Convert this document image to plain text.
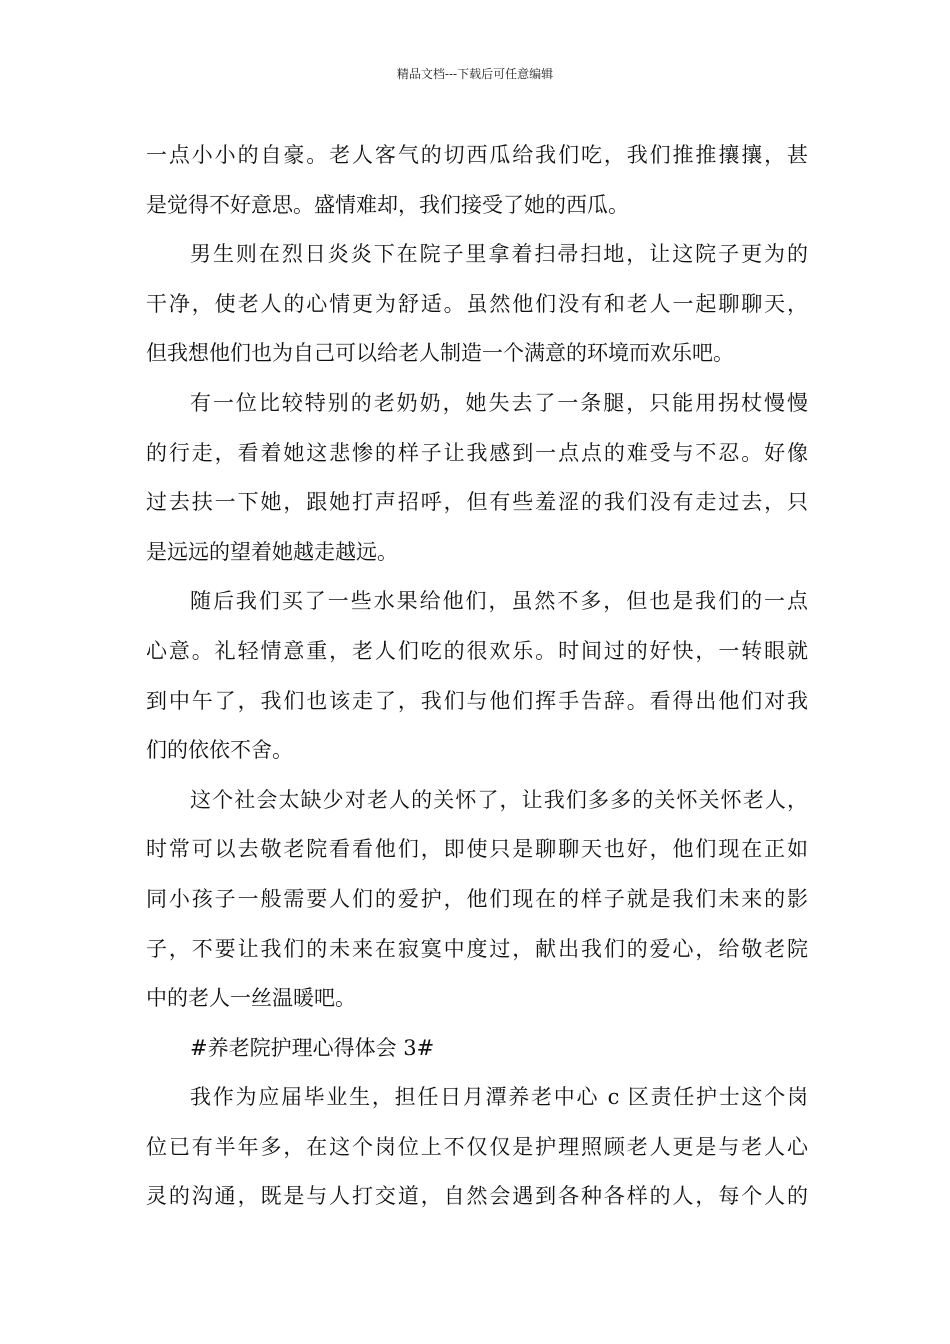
精品文档---下载后可任意编辑
一点小小的自豪。老人客气的切西瓜给我们吃，我们推推攘攘，甚
是觉得不好意思。盛情难却，我们接受了她的西瓜。
男生则在烈日炎炎下在院子里拿着扫帚扫地，让这院子更为的
干净，使老人的心情更为舒适。虽然他们没有和老人一起聊聊天，
但我想他们也为自己可以给老人制造一个满意的环境而欢乐吧。
有一位比较特别的老奶奶，她失去了一条腿，只能用拐杖慢慢
的行走，看着她这悲惨的样子让我感到一点点的难受与不忍。好像
过去扶一下她，跟她打声招呼，但有些羞涩的我们没有走过去，只
是远远的望着她越走越远。
随后我们买了一些水果给他们，虽然不多，但也是我们的一点
心意。礼轻情意重，老人们吃的很欢乐。时间过的好快，一转眼就
到中午了，我们也该走了，我们与他们挥手告辞。看得出他们对我
们的依依不舍。
这个社会太缺少对老人的关怀了，让我们多多的关怀关怀老人，
时常可以去敬老院看看他们，即使只是聊聊天也好，他们现在正如
同小孩子一般需要人们的爱护，他们现在的样子就是我们未来的影
子，不要让我们的未来在寂寞中度过，献出我们的爱心，给敬老院
中的老人一丝温暖吧。
#养老院护理心得体会 3#
我作为应届毕业生，担任日月潭养老中心 c 区责任护士这个岗
位已有半年多，在这个岗位上不仅仅是护理照顾老人更是与老人心
灵的沟通，既是与人打交道，自然会遇到各种各样的人，每个人的
